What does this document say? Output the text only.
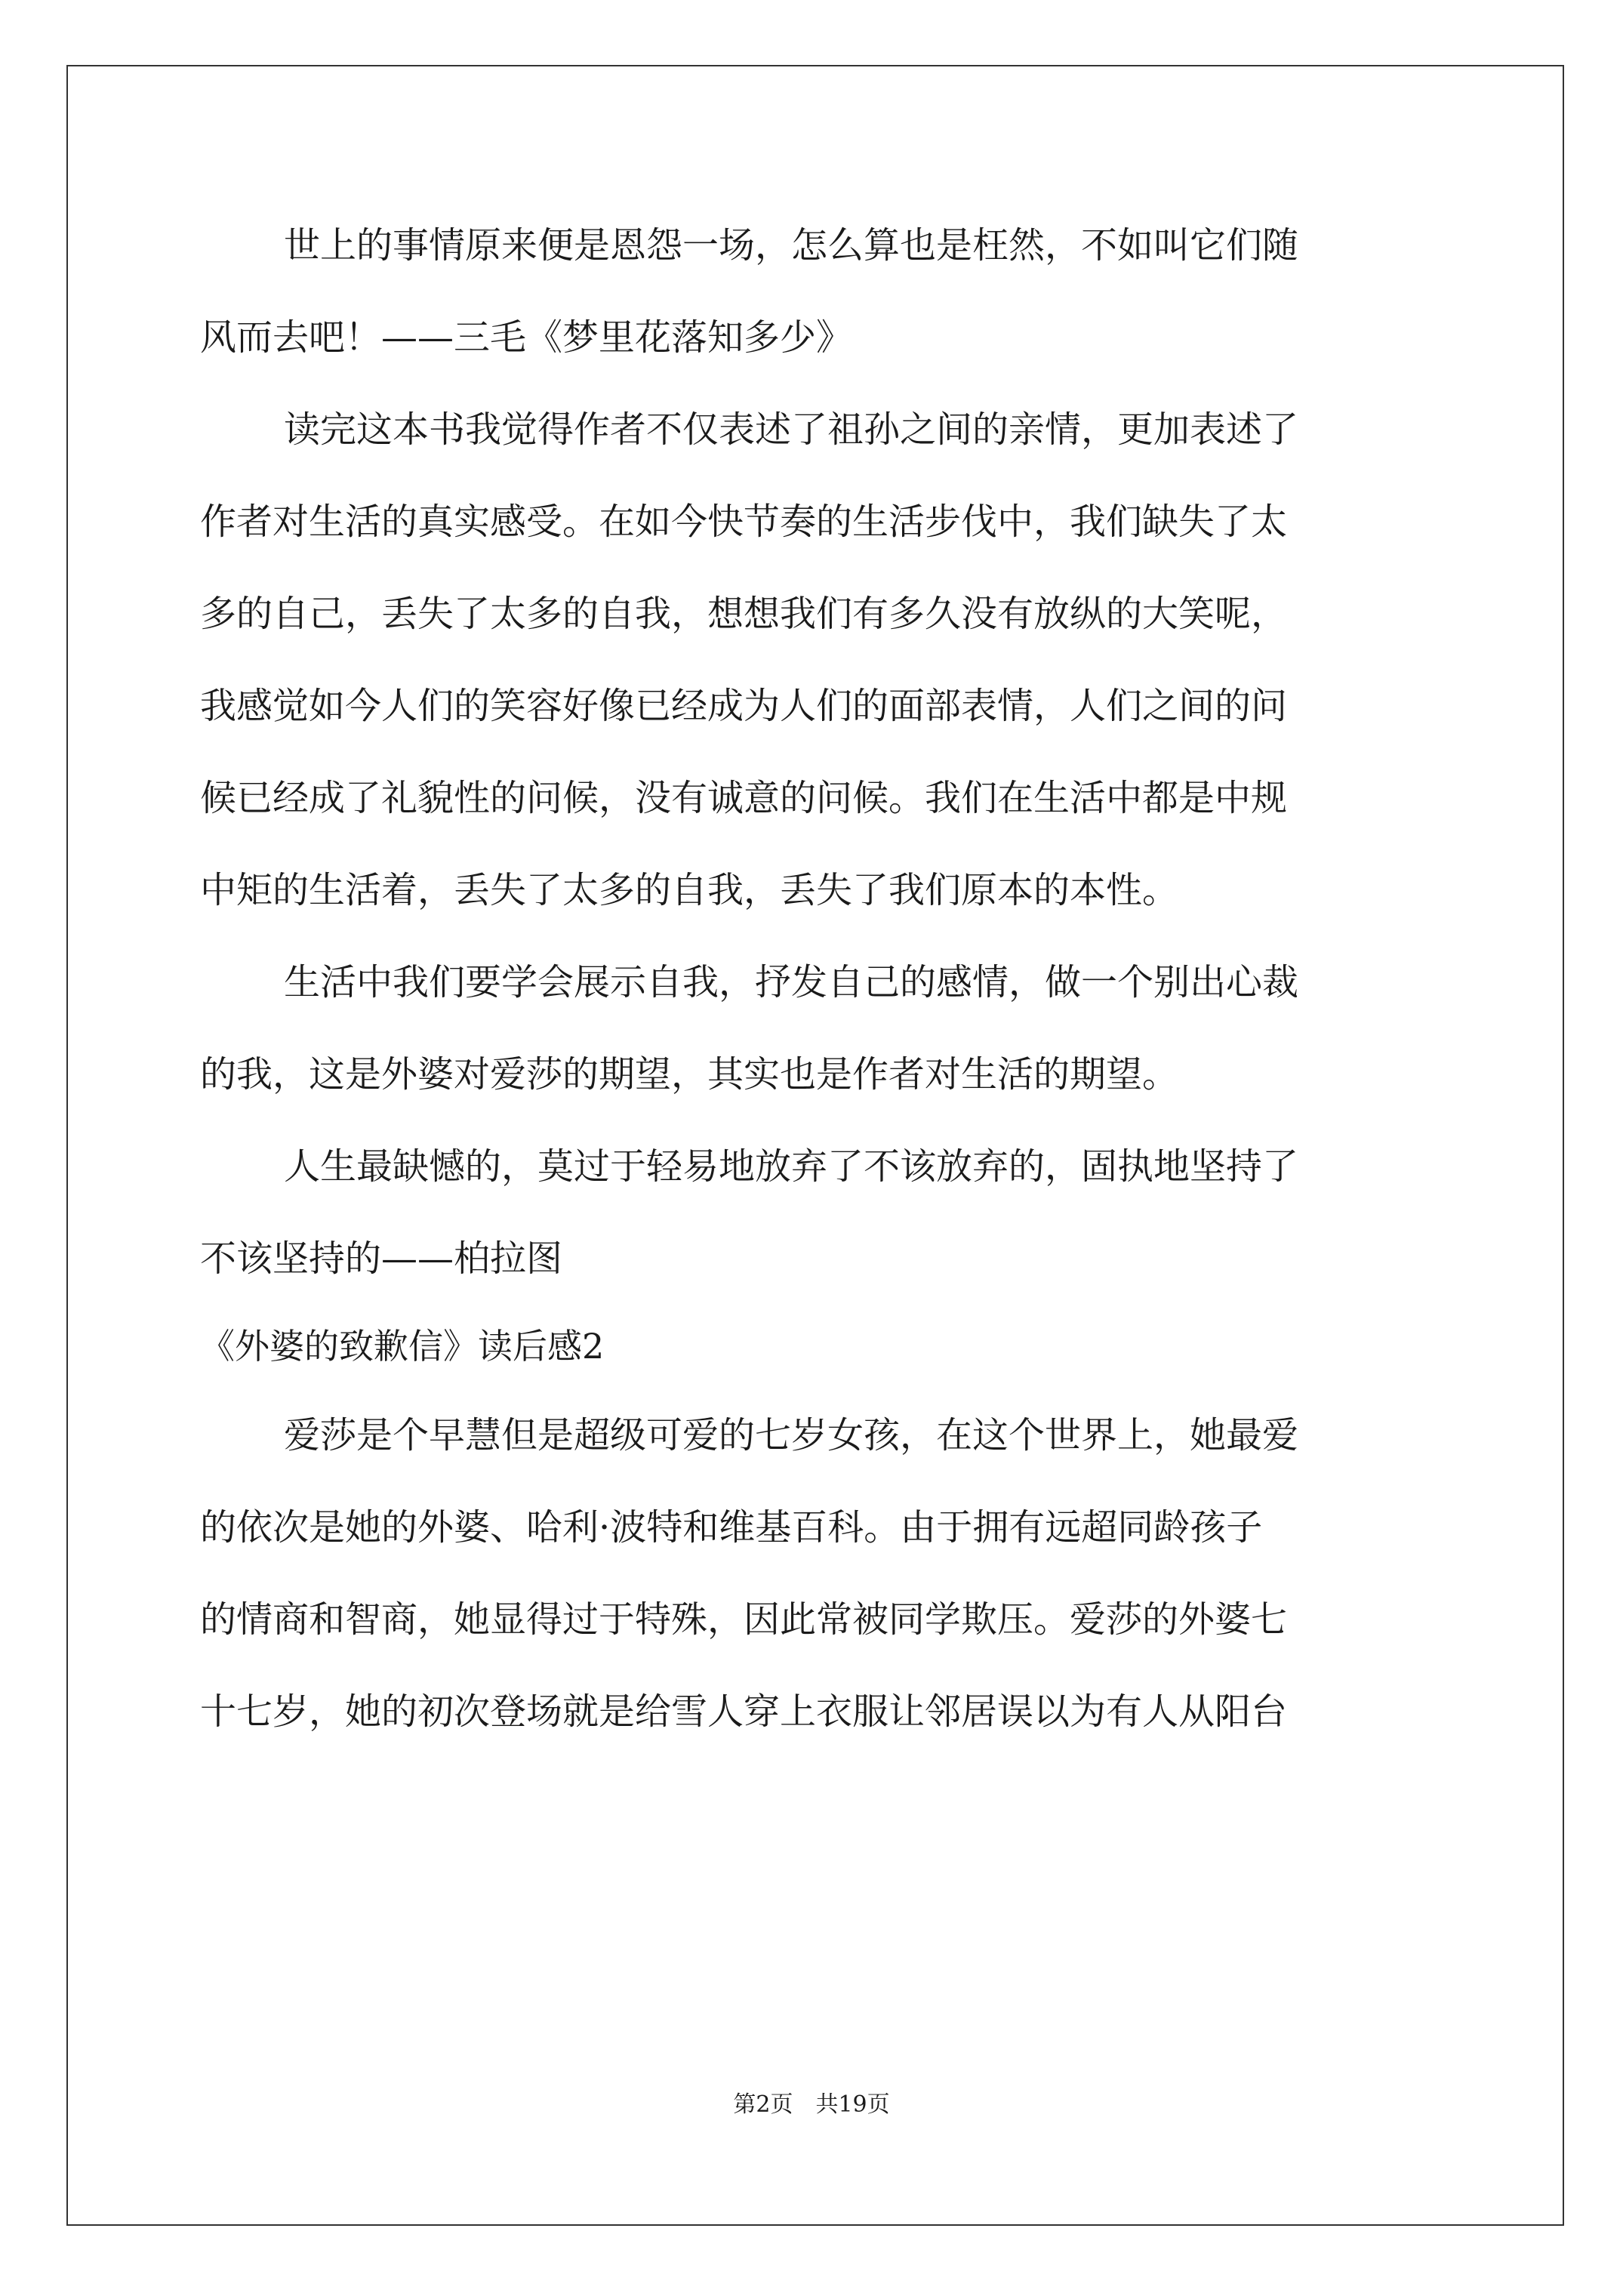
世上的事情原来便是恩怨一场，怎么算也是枉然，不如叫它们随
风而去吧！——三毛《梦里花落知多少》
读完这本书我觉得作者不仅表述了祖孙之间的亲情，更加表述了
作者对生活的真实感受。在如今快节奏的生活步伐中，我们缺失了太
多的自己，丢失了太多的自我，想想我们有多久没有放纵的大笑呢，
我感觉如今人们的笑容好像已经成为人们的面部表情，人们之间的问
候已经成了礼貌性的问候，没有诚意的问候。我们在生活中都是中规
中矩的生活着，丢失了太多的自我，丢失了我们原本的本性。
生活中我们要学会展示自我，抒发自己的感情，做一个别出心裁
的我，这是外婆对爱莎的期望，其实也是作者对生活的期望。
人生最缺憾的，莫过于轻易地放弃了不该放弃的，固执地坚持了
不该坚持的——柏拉图
《外婆的致歉信》读后感2
爱莎是个早慧但是超级可爱的七岁女孩，在这个世界上，她最爱
的依次是她的外婆、哈利·波特和维基百科。由于拥有远超同龄孩子
的情商和智商，她显得过于特殊，因此常被同学欺压。爱莎的外婆七
十七岁，她的初次登场就是给雪人穿上衣服让邻居误以为有人从阳台
第2页　共19页
